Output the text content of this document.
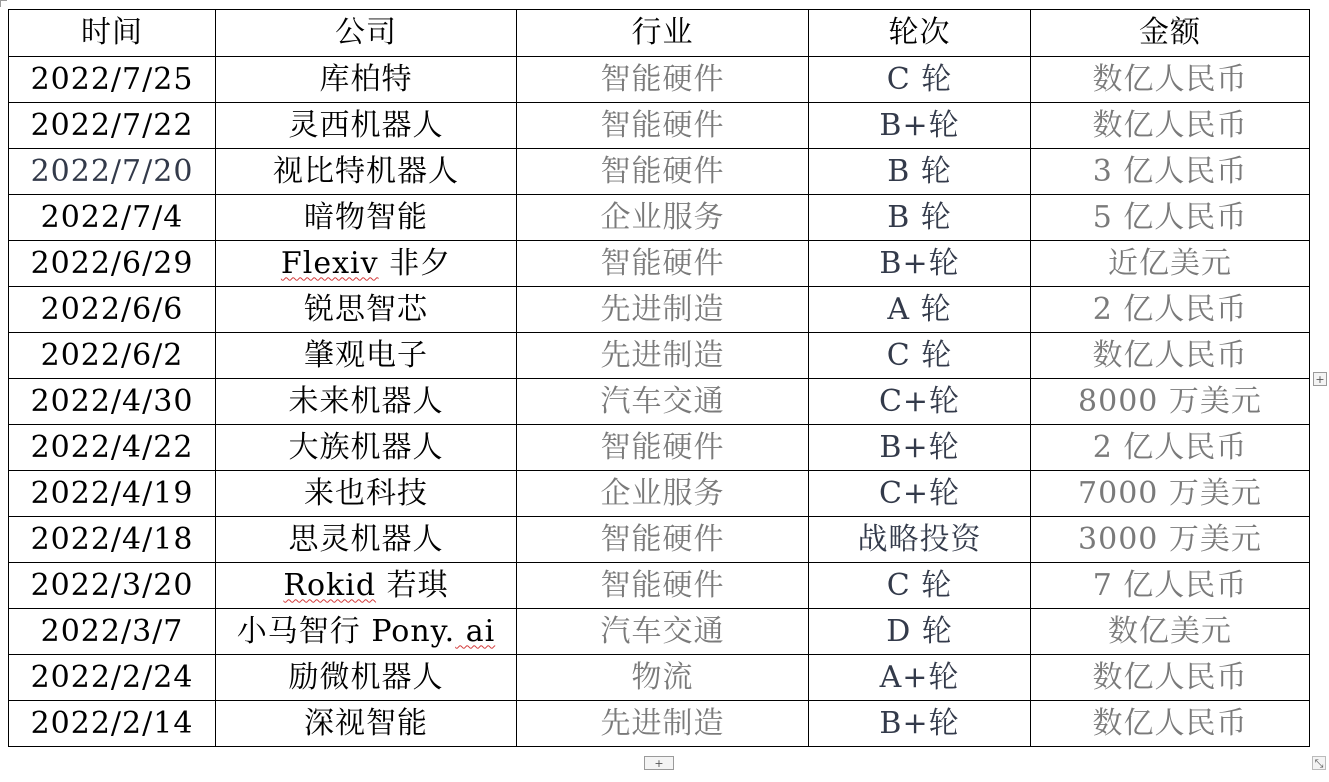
时间	公司	行业	轮次	金额
2022/7/25	库柏特	智能硬件	C 轮	数亿人民币
2022/7/22	灵西机器人	智能硬件	B+轮	数亿人民币
2022/7/20	视比特机器人	智能硬件	B 轮	3 亿人民币
2022/7/4	暗物智能	企业服务	B 轮	5 亿人民币
2022/6/29	Flexiv 非夕	智能硬件	B+轮	近亿美元
2022/6/6	锐思智芯	先进制造	A 轮	2 亿人民币
2022/6/2	肇观电子	先进制造	C 轮	数亿人民币
2022/4/30	未来机器人	汽车交通	C+轮	8000 万美元
2022/4/22	大族机器人	智能硬件	B+轮	2 亿人民币
2022/4/19	来也科技	企业服务	C+轮	7000 万美元
2022/4/18	思灵机器人	智能硬件	战略投资	3000 万美元
2022/3/20	Rokid 若琪	智能硬件	C 轮	7 亿人民币
2022/3/7	小马智行 Pony. ai	汽车交通	D 轮	数亿美元
2022/2/24	励微机器人	物流	A+轮	数亿人民币
2022/2/14	深视智能	先进制造	B+轮	数亿人民币
+
+	⤡
